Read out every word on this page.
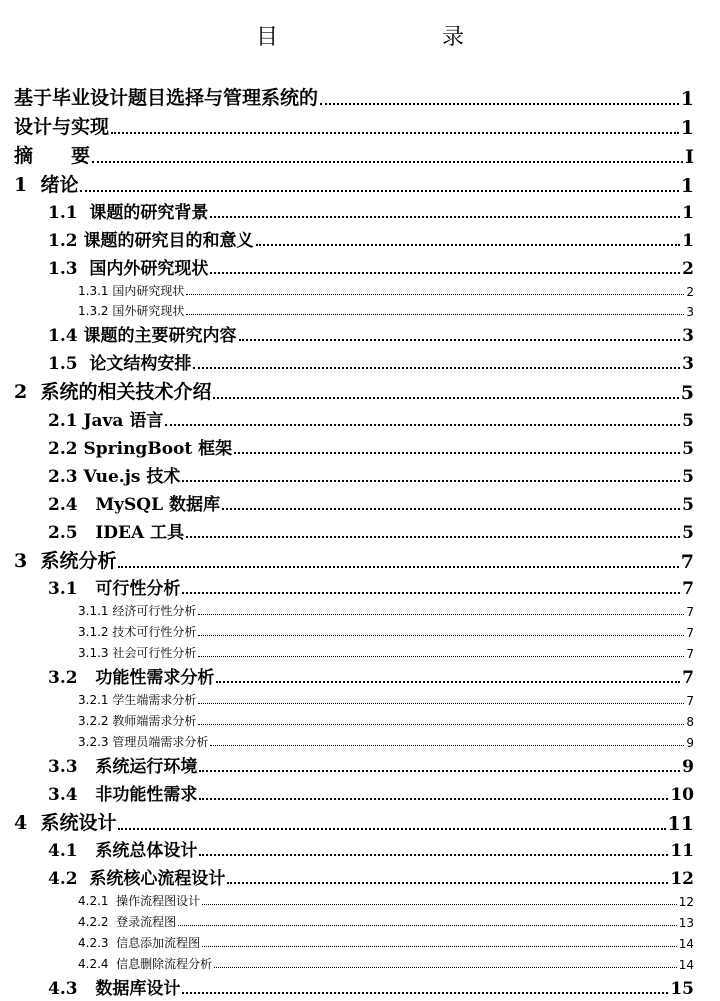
目　　录
基于毕业设计题目选择与管理系统的	1
设计与实现	1
摘　　要	I
1  绪论	1
1.1  课题的研究背景	1
1.2 课题的研究目的和意义	1
1.3  国内外研究现状	2
1.3.1 国内研究现状	2
1.3.2 国外研究现状	3
1.4 课题的主要研究内容	3
1.5  论文结构安排	3
2  系统的相关技术介绍	5
2.1 Java 语言	5
2.2 SpringBoot 框架	5
2.3 Vue.js 技术	5
2.4   MySQL 数据库	5
2.5   IDEA 工具	5
3  系统分析	7
3.1   可行性分析	7
3.1.1 经济可行性分析	7
3.1.2 技术可行性分析	7
3.1.3 社会可行性分析	7
3.2   功能性需求分析	7
3.2.1 学生端需求分析	7
3.2.2 教师端需求分析	8
3.2.3 管理员端需求分析	9
3.3   系统运行环境	9
3.4   非功能性需求	10
4  系统设计	11
4.1   系统总体设计	11
4.2  系统核心流程设计	12
4.2.1  操作流程图设计	12
4.2.2  登录流程图	13
4.2.3  信息添加流程图	14
4.2.4  信息删除流程分析	14
4.3   数据库设计	15
